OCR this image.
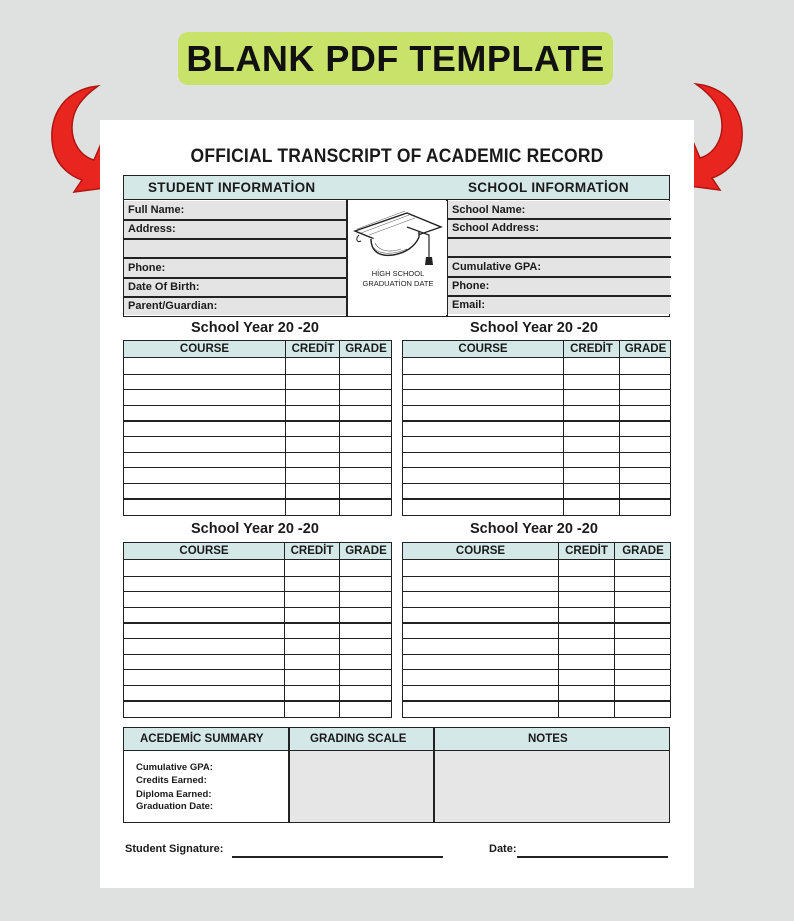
BLANK PDF TEMPLATE
OFFICIAL TRANSCRIPT OF ACADEMIC RECORD
STUDENT INFORMATİON	SCHOOL INFORMATİON
Full Name:
Address:
Phone:
Date Of Birth:
Parent/Guardian:
School Name:
School Address:
Cumulative GPA:
Phone:
Email:
HİGH SCHOOL
GRADUATİON DATE
School Year 20 -20	School Year 20 -20
School Year 20 -20	School Year 20 -20
COURSE	CREDİT GRADE	COURSE	CREDİT	GRADE
COURSE	CREDİT	GRADE	COURSE	CREDİT	GRADE
ACEDEMİC SUMMARY	GRADING SCALE	NOTES
Cumulative GPA:
Credits Earned:
Diploma Earned:
Graduation Date:
Student Signature:	Date:
